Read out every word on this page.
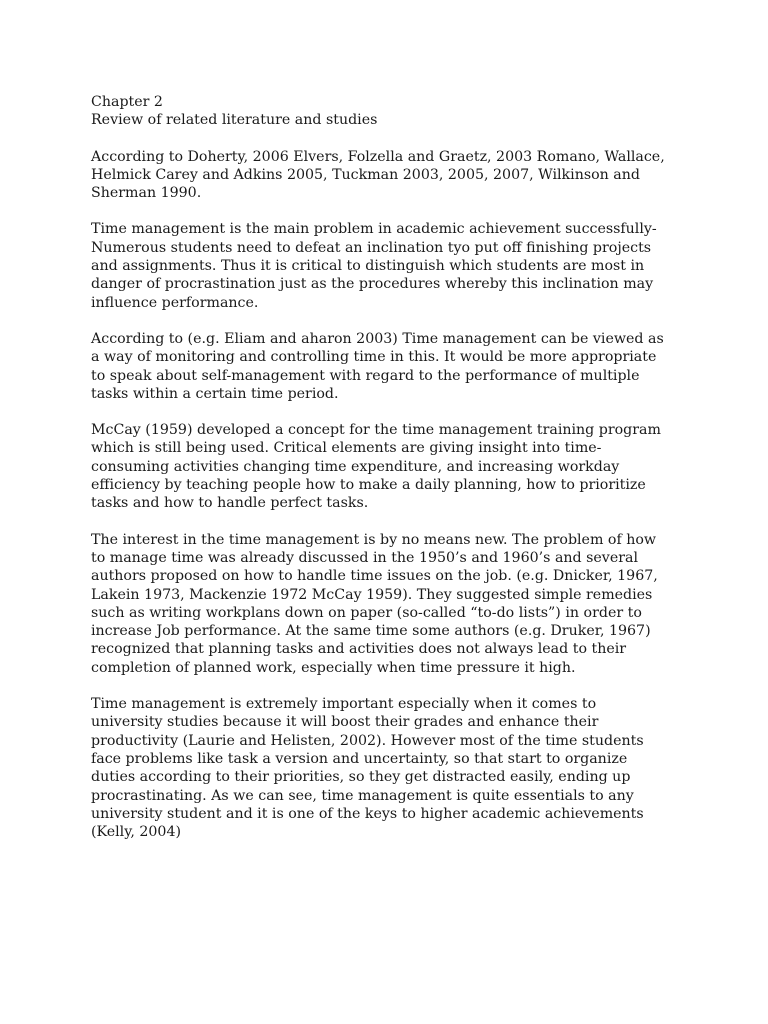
Chapter 2
Review of related literature and studies
According to Doherty, 2006 Elvers, Folzella and Graetz, 2003 Romano, Wallace,
Helmick Carey and Adkins 2005, Tuckman 2003, 2005, 2007, Wilkinson and
Sherman 1990.
Time management is the main problem in academic achievement successfully-
Numerous students need to defeat an inclination tyo put off finishing projects
and assignments. Thus it is critical to distinguish which students are most in
danger of procrastination just as the procedures whereby this inclination may
influence performance.
According to (e.g. Eliam and aharon 2003) Time management can be viewed as
a way of monitoring and controlling time in this. It would be more appropriate
to speak about self-management with regard to the performance of multiple
tasks within a certain time period.
McCay (1959) developed a concept for the time management training program
which is still being used. Critical elements are giving insight into time-
consuming activities changing time expenditure, and increasing workday
efficiency by teaching people how to make a daily planning, how to prioritize
tasks and how to handle perfect tasks.
The interest in the time management is by no means new. The problem of how
to manage time was already discussed in the 1950’s and 1960’s and several
authors proposed on how to handle time issues on the job. (e.g. Dnicker, 1967,
Lakein 1973, Mackenzie 1972 McCay 1959). They suggested simple remedies
such as writing workplans down on paper (so-called “to-do lists”) in order to
increase Job performance. At the same time some authors (e.g. Druker, 1967)
recognized that planning tasks and activities does not always lead to their
completion of planned work, especially when time pressure it high.
Time management is extremely important especially when it comes to
university studies because it will boost their grades and enhance their
productivity (Laurie and Helisten, 2002). However most of the time students
face problems like task a version and uncertainty, so that start to organize
duties according to their priorities, so they get distracted easily, ending up
procrastinating. As we can see, time management is quite essentials to any
university student and it is one of the keys to higher academic achievements
(Kelly, 2004)
